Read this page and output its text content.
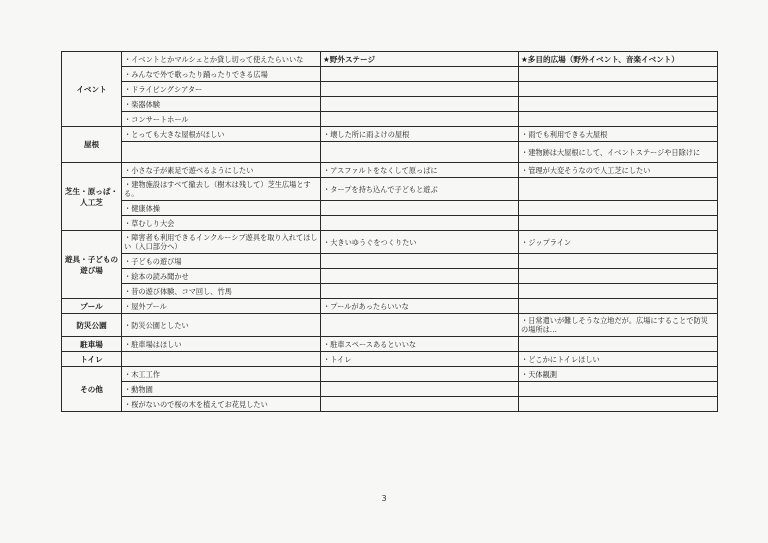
イベント	・イベントとかマルシェとか貸し切って使えたらいいな	★野外ステージ	★多目的広場（野外イベント、音楽イベント）
	・みんなで外で歌ったり踊ったりできる広場		
	・ドライビングシアター		
	・楽器体験		
	・コンサートホール		
屋根	・とっても大きな屋根がほしい	・壊した所に雨よけの屋根	・雨でも利用できる大屋根
			・建物跡は大屋根にして、イベントステージや日除けに
芝生・原っぱ・人工芝	・小さな子が素足で遊べるようにしたい	・アスファルトをなくして原っぱに	・管理が大変そうなので人工芝にしたい
	・建物施設はすべて撤去し（樹木は残して）芝生広場とする。	・タープを持ち込んで子どもと遊ぶ	
	・健康体操		
	・草むしり大会		
遊具・子どもの遊び場	・障害者も利用できるインクルーシブ遊具を取り入れてほしい（入口部分へ）	・大きいゆうぐをつくりたい	・ジップライン
	・子どもの遊び場		
	・絵本の読み聞かせ		
	・昔の遊び体験、コマ回し、竹馬		
プール	・屋外プール	・プールがあったらいいな	
防災公園	・防災公園としたい		・日常遣いが難しそうな立地だが。広場にすることで防災の場所は…
駐車場	・駐車場はほしい	・駐車スペースあるといいな	
トイレ		・トイレ	・どこかにトイレほしい
その他	・木工工作		・天体観測
	・動物園		
	・桜がないので桜の木を植えてお花見したい		
3
